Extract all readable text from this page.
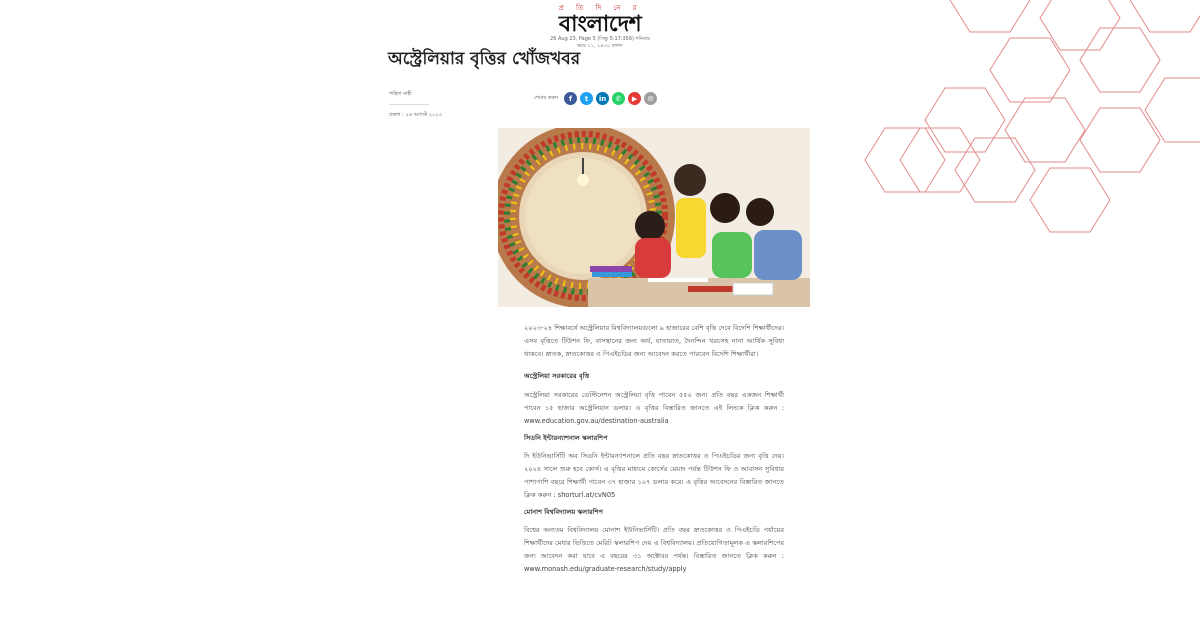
প্র তি দি নে র
বাংলাদেশ
26 Aug 23, Page 5 (সিন্ধু 5:17:356) শনিবার
ভাদ্র ১১, ১৪৩০ বঙ্গাব্দ
অস্ট্রেলিয়ার বৃত্তির খোঁজখবর
শাহিদা নাহী
প্রকাশ : ২৬ আগস্ট ২০২৩
শেয়ার করুন	f	t	in	✆	▶	✉

২০২৩-২৪ শিক্ষাবর্ষে অস্ট্রেলিয়ার বিশ্ববিদ্যালয়গুলো ৯ হাজারের বেশি বৃত্তি দেবে বিদেশি শিক্ষার্থীদের। এসব বৃত্তিতে টিউশন ফি, বাসস্থানের জন্য অর্থ, যাতায়াত, দৈনন্দিন খরচসহ নানা আর্থিক সুবিধা থাকবে। স্নাতক, স্নাতকোত্তর ও পিএইচডির জন্য আবেদন করতে পারবেন বিদেশি শিক্ষার্থীরা।

অস্ট্রেলিয়া সরকারের বৃত্তি

অস্ট্রেলিয়া সরকারের ডেস্টিনেশন অস্ট্রেলিয়া বৃত্তি পাবেন ৫৫০ জন। প্রতি বছর একজন শিক্ষার্থী পাবেন ১৫ হাজার অস্ট্রেলিয়ান ডলার। এ বৃত্তির বিস্তারিত জানতে এই লিংকে ক্লিক করুন : www.education.gov.au/destination-australia

সিডনি ইন্টারন্যাশনাল স্কলারশিপ

দি ইউনিভার্সিটি অব সিডনি ইন্টারন্যাশনালে প্রতি বছর স্নাতকোত্তর ও পিএইচডির জন্য বৃত্তি দেয়। ২০২৪ সালে শুরু হবে কোর্স। এ বৃত্তির মাধ্যমে কোর্সের মেয়াদ পর্যন্ত টিউশন ফি ও আবাসন সুবিধার পাশাপাশি বছরে শিক্ষার্থী পাবেন ৩৭ হাজার ১০৭ ডলার করে। এ বৃত্তির আবেদনের বিস্তারিত জানতে ক্লিক করুন : shorturl.at/cvN05

মোনাশ বিশ্ববিদ্যালয় স্কলারশিপ

বিশ্বের অন্যতম বিশ্ববিদ্যালয় মোনাশ ইউনিভার্সিটি। প্রতি বছর স্নাতকোত্তর ও পিএইচডি পর্যায়ের শিক্ষার্থীদের মেধার ভিত্তিতে মেরিট স্কলারশিপ দেয় এ বিশ্ববিদ্যালয়। প্রতিযোগিতামূলক এ স্কলারশিপের জন্য আবেদন করা যাবে এ বছরের ৩১ অক্টোবর পর্যন্ত। বিস্তারিত জানতে ক্লিক করুন : www.monash.edu/graduate-research/study/apply
